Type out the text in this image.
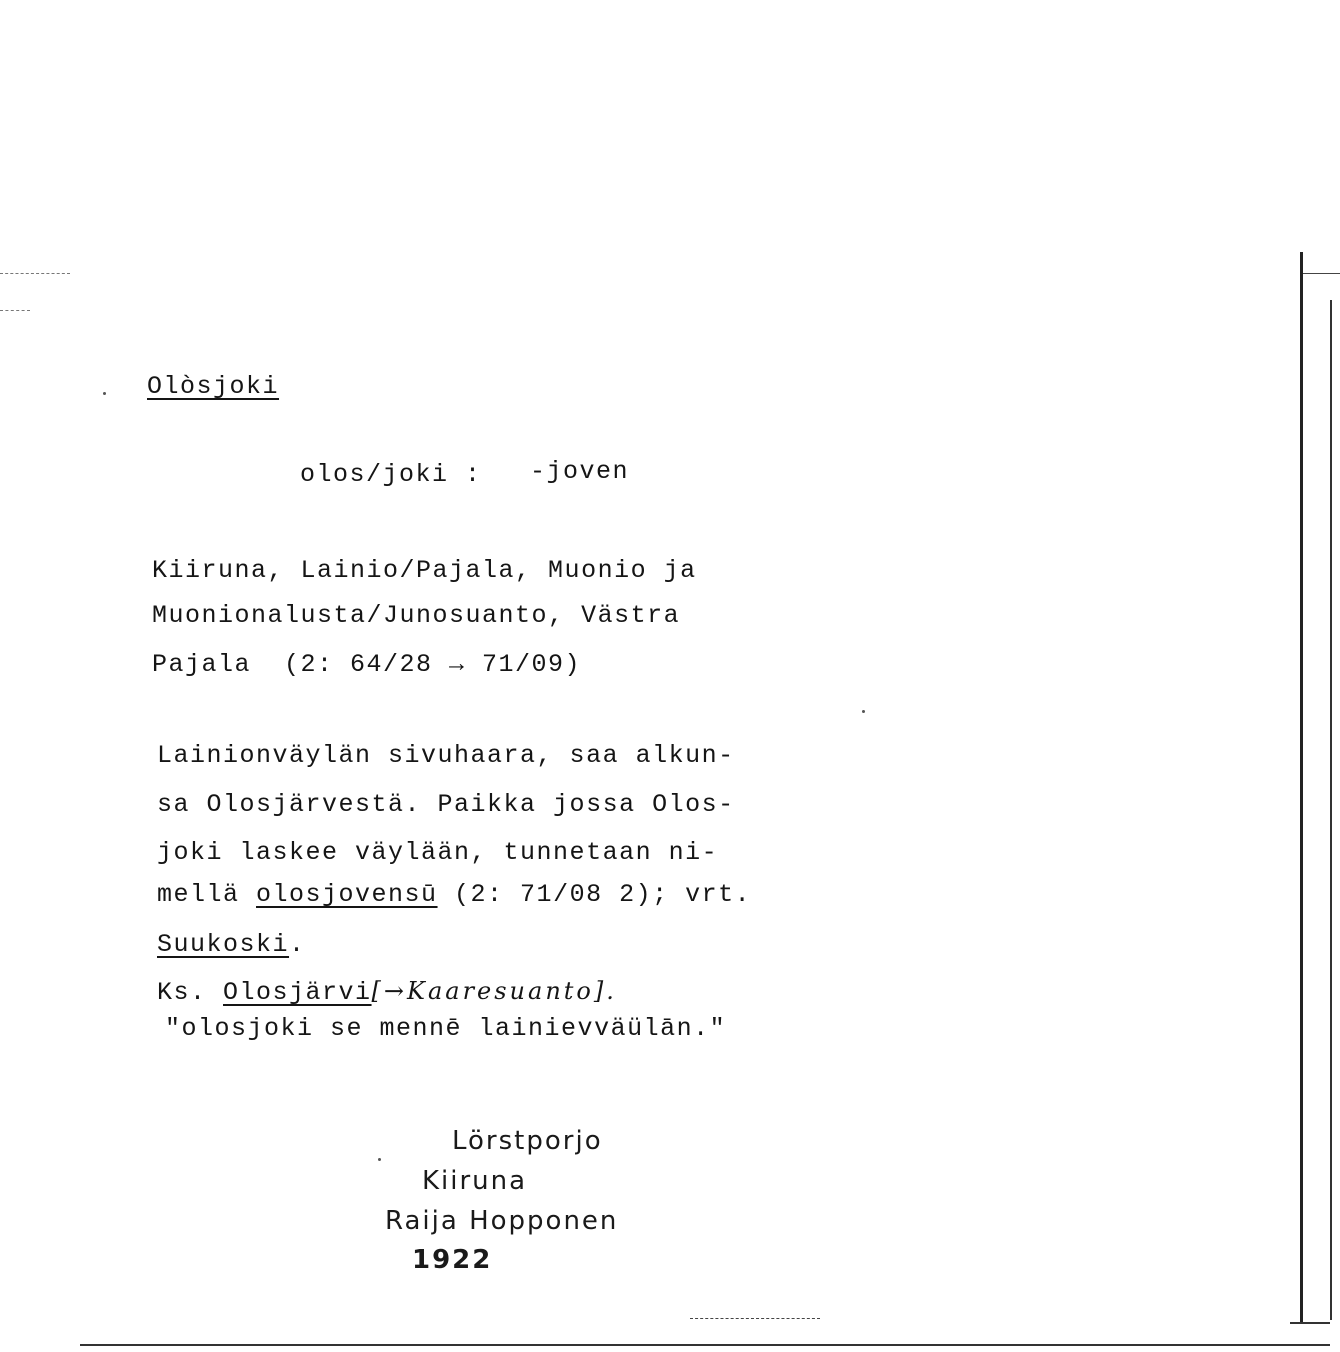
Olòsjoki
olos/joki : -joven
Kiiruna, Lainio/Pajala, Muonio ja
Muonionalusta/Junosuanto, Västra
Pajala  (2: 64/28 → 71/09)
Lainionväylän sivuhaara, saa alkun-
sa Olosjärvestä. Paikka jossa Olos-
joki laskee väylään, tunnetaan ni-
mellä olosjovensū (2: 71/08 2); vrt.
Suukoski.
Ks. Olosjärvi[→Kaaresuanto].
"olosjoki se mennē lainievväülān."
Lörstporjo
Kiiruna
Raija Hopponen
1922
